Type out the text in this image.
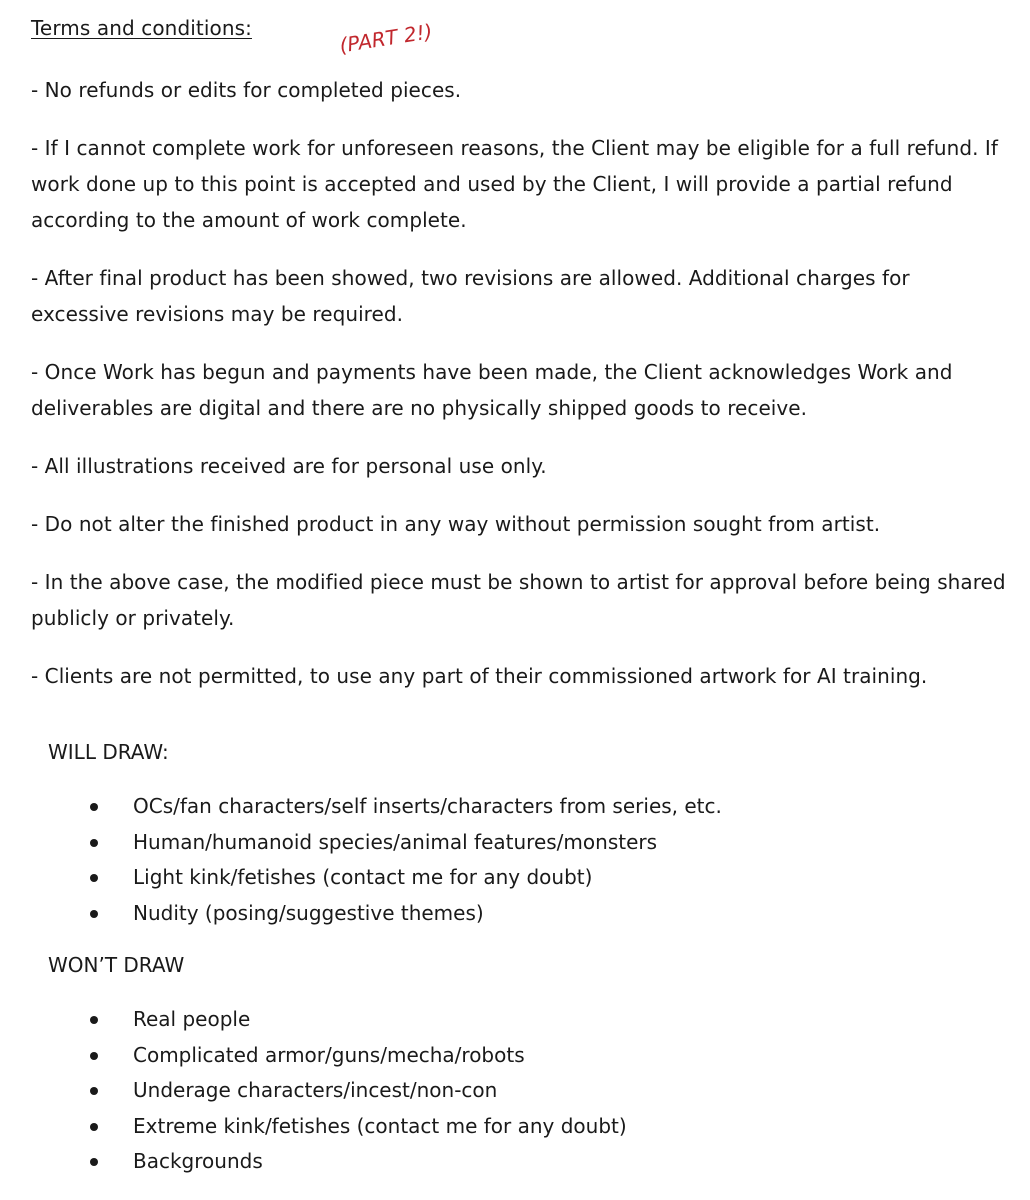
Terms and conditions:	(PART 2!)

- No refunds or edits for completed pieces.

- If I cannot complete work for unforeseen reasons, the Client may be eligible for a full refund. If work done up to this point is accepted and used by the Client, I will provide a partial refund according to the amount of work complete.

- After final product has been showed, two revisions are allowed. Additional charges for excessive revisions may be required.

- Once Work has begun and payments have been made, the Client acknowledges Work and deliverables are digital and there are no physically shipped goods to receive.

- All illustrations received are for personal use only.

- Do not alter the finished product in any way without permission sought from artist.

- In the above case, the modified piece must be shown to artist for approval before being shared publicly or privately.

- Clients are not permitted, to use any part of their commissioned artwork for AI training.

WILL DRAW:
OCs/fan characters/self inserts/characters from series, etc.
Human/humanoid species/animal features/monsters
Light kink/fetishes (contact me for any doubt)
Nudity (posing/suggestive themes)
WON’T DRAW
Real people
Complicated armor/guns/mecha/robots
Underage characters/incest/non-con
Extreme kink/fetishes (contact me for any doubt)
Backgrounds
